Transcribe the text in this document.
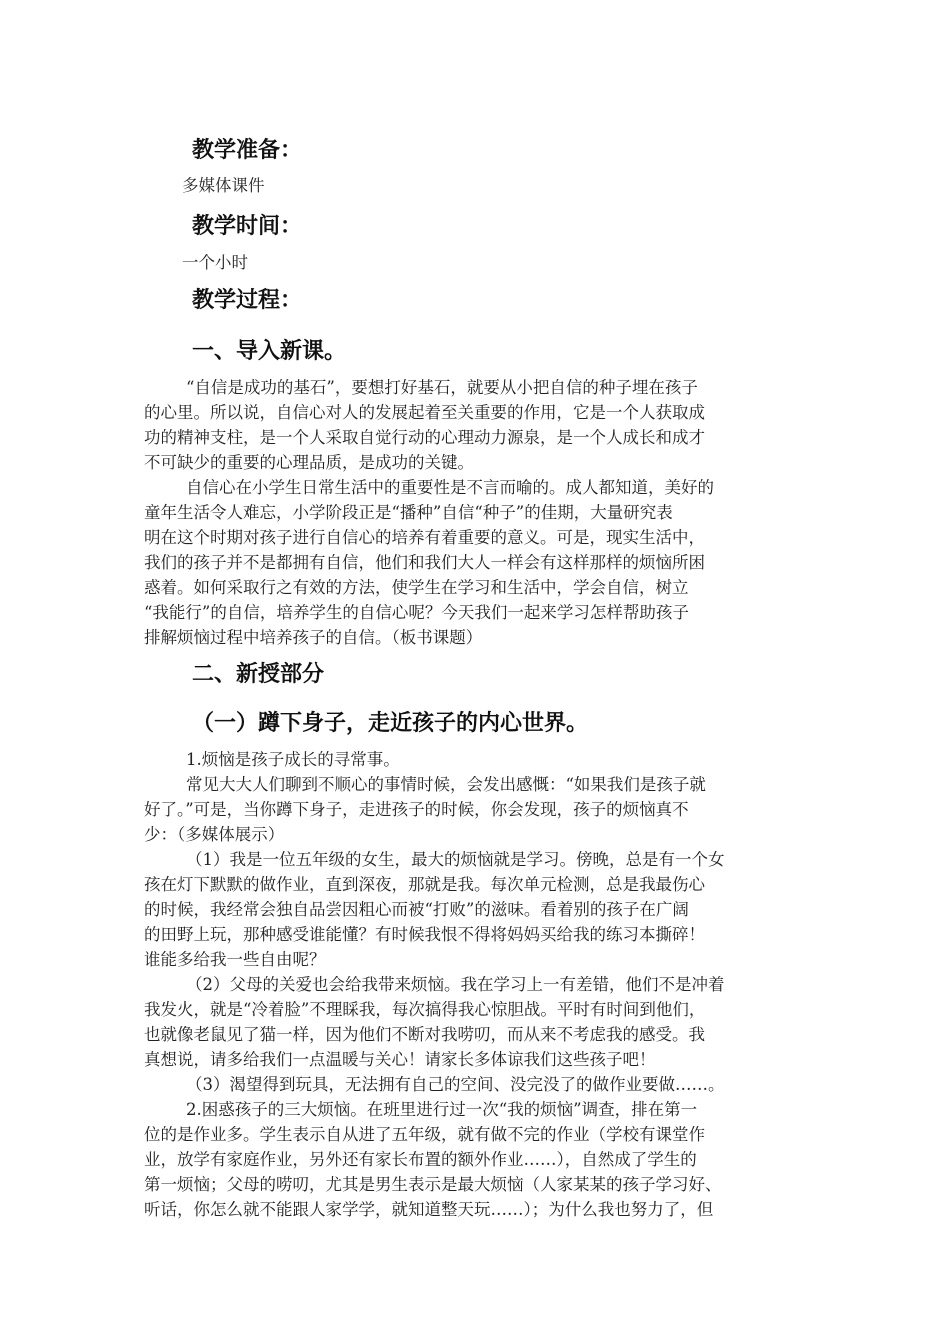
教学准备：
多媒体课件
教学时间：
一个小时
教学过程：
一、导入新课。
“自信是成功的基石”，要想打好基石，就要从小把自信的种子埋在孩子
的心里。所以说，自信心对人的发展起着至关重要的作用，它是一个人获取成
功的精神支柱，是一个人采取自觉行动的心理动力源泉，是一个人成长和成才
不可缺少的重要的心理品质，是成功的关键。
自信心在小学生日常生活中的重要性是不言而喻的。成人都知道，美好的
童年生活令人难忘，小学阶段正是“播种”自信“种子”的佳期，大量研究表
明在这个时期对孩子进行自信心的培养有着重要的意义。可是，现实生活中，
我们的孩子并不是都拥有自信，他们和我们大人一样会有这样那样的烦恼所困
惑着。如何采取行之有效的方法，使学生在学习和生活中，学会自信，树立
“我能行”的自信，培养学生的自信心呢？今天我们一起来学习怎样帮助孩子
排解烦恼过程中培养孩子的自信。（板书课题）
二、新授部分
（一）蹲下身子，走近孩子的内心世界。
1.烦恼是孩子成长的寻常事。
常见大大人们聊到不顺心的事情时候，会发出感慨：“如果我们是孩子就
好了。”可是，当你蹲下身子，走进孩子的时候，你会发现，孩子的烦恼真不
少：（多媒体展示）
（1）我是一位五年级的女生，最大的烦恼就是学习。傍晚，总是有一个女
孩在灯下默默的做作业，直到深夜，那就是我。每次单元检测，总是我最伤心
的时候，我经常会独自品尝因粗心而被“打败”的滋味。看着别的孩子在广阔
的田野上玩，那种感受谁能懂？有时候我恨不得将妈妈买给我的练习本撕碎！
谁能多给我一些自由呢？
（2）父母的关爱也会给我带来烦恼。我在学习上一有差错，他们不是冲着
我发火，就是“冷着脸”不理睬我，每次搞得我心惊胆战。平时有时间到他们，
也就像老鼠见了猫一样，因为他们不断对我唠叨，而从来不考虑我的感受。我
真想说，请多给我们一点温暖与关心！请家长多体谅我们这些孩子吧！
（3）渴望得到玩具，无法拥有自己的空间、没完没了的做作业要做……。
2.困惑孩子的三大烦恼。在班里进行过一次“我的烦恼”调查，排在第一
位的是作业多。学生表示自从进了五年级，就有做不完的作业（学校有课堂作
业，放学有家庭作业，另外还有家长布置的额外作业……），自然成了学生的
第一烦恼；父母的唠叨，尤其是男生表示是最大烦恼（人家某某的孩子学习好、
听话，你怎么就不能跟人家学学，就知道整天玩……）；为什么我也努力了，但
